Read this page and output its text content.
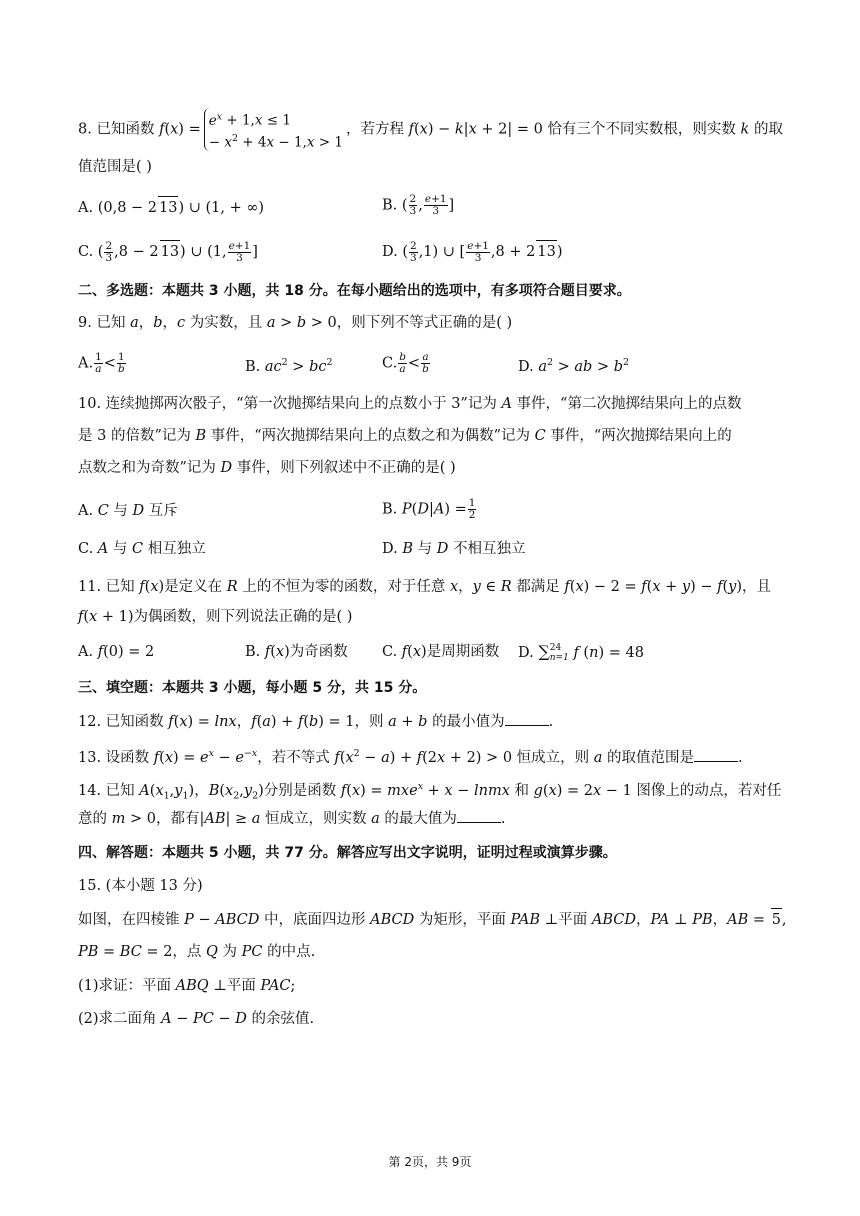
8. 已知函数 $f(x) =e^x + 1,x \le 1$
− $x^2 + 4x - 1,x > 1$，若方程 f(x) − k|x + 2| = 0 恰有三个不同实数根，则实数 k 的取
值范围是( )
A. (0,8 − 2 13) ∪ (1, + ∞)	B. ( $\frac{2}{3}$ , $\frac{e+1}{3}$ ]
C. ( $\frac{2}{3} ,8 - 2$ 13) ∪ (1, $\frac{e+1}{3}$ ]	D. ( $\frac{2}{3} ,1$) ∪ [ $\frac{e+1}{3} ,8 + 2$ 13)
二、多选题：本题共 3 小题，共 18 分。在每小题给出的选项中，有多项符合题目要求。
9. 已知 a，b，c 为实数，且 a > b > 0，则下列不等式正确的是( )
A. $\frac{1}{a} < \frac{1}{b}$	B. $ac^2 > bc^2$	C. $\frac{b}{a} < \frac{a}{b}$	D. $a^2$ > ab > $b^2$
10. 连续抛掷两次骰子，“第一次抛掷结果向上的点数小于 3”记为 A 事件，“第二次抛掷结果向上的点数
是 3 的倍数”记为 B 事件，“两次抛掷结果向上的点数之和为偶数”记为 C 事件，“两次抛掷结果向上的
点数之和为奇数”记为 D 事件，则下列叙述中不正确的是( )
A. C 与 D 互斥	B. $P(D|A) = \frac{1}{2}$
C. A 与 C 相互独立	D. B 与 D 不相互独立
11. 已知 f(x)是定义在 R 上的不恒为零的函数，对于任意 x，y ∈ R 都满足 f(x) − 2 = f(x + y) − f(y)，且
f(x + 1)为偶函数，则下列说法正确的是( )
A. f(0) = 2	B. f(x)为奇函数 C. f(x)是周期函数 D. ∑ 24
n=1 f (n) = 48
三、填空题：本题共 3 小题，每小题 5 分，共 15 分。
12. 已知函数 f(x) = lnx，f(a) + f(b) = 1，则 a + b 的最小值为	.
13. 设函数 $f(x) = e^x - e^{-x}$，若不等式 $f(x^2 - a) + f(2x + 2) > 0$ 恒成立，则 a 的取值范围是	.
14. 已知 $A(x_1,y_1)$，$B(x_2,y_2)$分别是函数 f(x) = mxe$^x$ + x − lnmx 和 g(x) = 2x − 1 图像上的动点，若对任
意的 m > 0，都有|AB| ≥ a 恒成立，则实数 a 的最大值为	.
四、解答题：本题共 5 小题，共 77 分。解答应写出文字说明，证明过程或演算步骤。
15. (本小题 13 分)
如图，在四棱锥 P − ABCD 中，底面四边形 ABCD 为矩形，平面 PAB ⊥平面 ABCD，PA ⊥ PB，AB = 5,
PB = BC = 2，点 Q 为 PC 的中点.
(1)求证：平面 ABQ ⊥平面 PAC;
(2)求二面角 A − PC − D 的余弦值.
第 2页，共 9页
